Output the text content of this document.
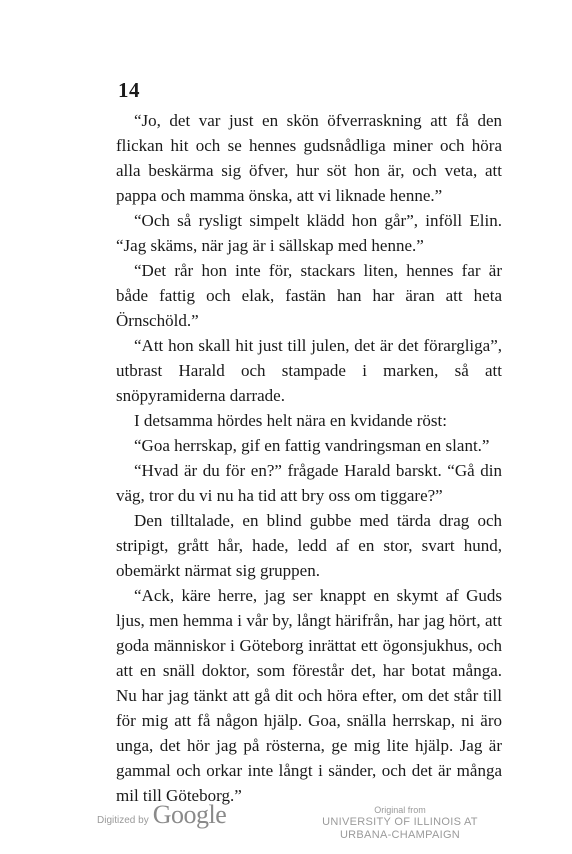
14

“Jo, det var just en skön öfverraskning att få den flickan hit och se hennes gudsnådliga miner och höra alla beskärma sig öfver, hur söt hon är, och veta, att pappa och mamma önska, att vi liknade henne.”

“Och så rysligt simpelt klädd hon går”, inföll Elin. “Jag skäms, när jag är i sällskap med henne.”

“Det rår hon inte för, stackars liten, hennes far är både fattig och elak, fastän han har äran att heta Örnschöld.”

“Att hon skall hit just till julen, det är det förargliga”, utbrast Harald och stampade i marken, så att snöpyramiderna darrade.

I detsamma hördes helt nära en kvidande röst:

“Goa herrskap, gif en fattig vandringsman en slant.”

“Hvad är du för en?” frågade Harald barskt. “Gå din väg, tror du vi nu ha tid att bry oss om tiggare?”

Den tilltalade, en blind gubbe med tärda drag och stripigt, grått hår, hade, ledd af en stor, svart hund, obemärkt närmat sig gruppen.

“Ack, käre herre, jag ser knappt en skymt af Guds ljus, men hemma i vår by, långt härifrån, har jag hört, att goda människor i Göteborg inrättat ett ögonsjukhus, och att en snäll doktor, som förestår det, har botat många. Nu har jag tänkt att gå dit och höra efter, om det står till för mig att få någon hjälp. Goa, snälla herrskap, ni äro unga, det hör jag på rösterna, ge mig lite hjälp. Jag är gammal och orkar inte långt i sänder, och det är många mil till Göteborg.”

Digitized by Google	Original from
UNIVERSITY OF ILLINOIS AT
URBANA-CHAMPAIGN
